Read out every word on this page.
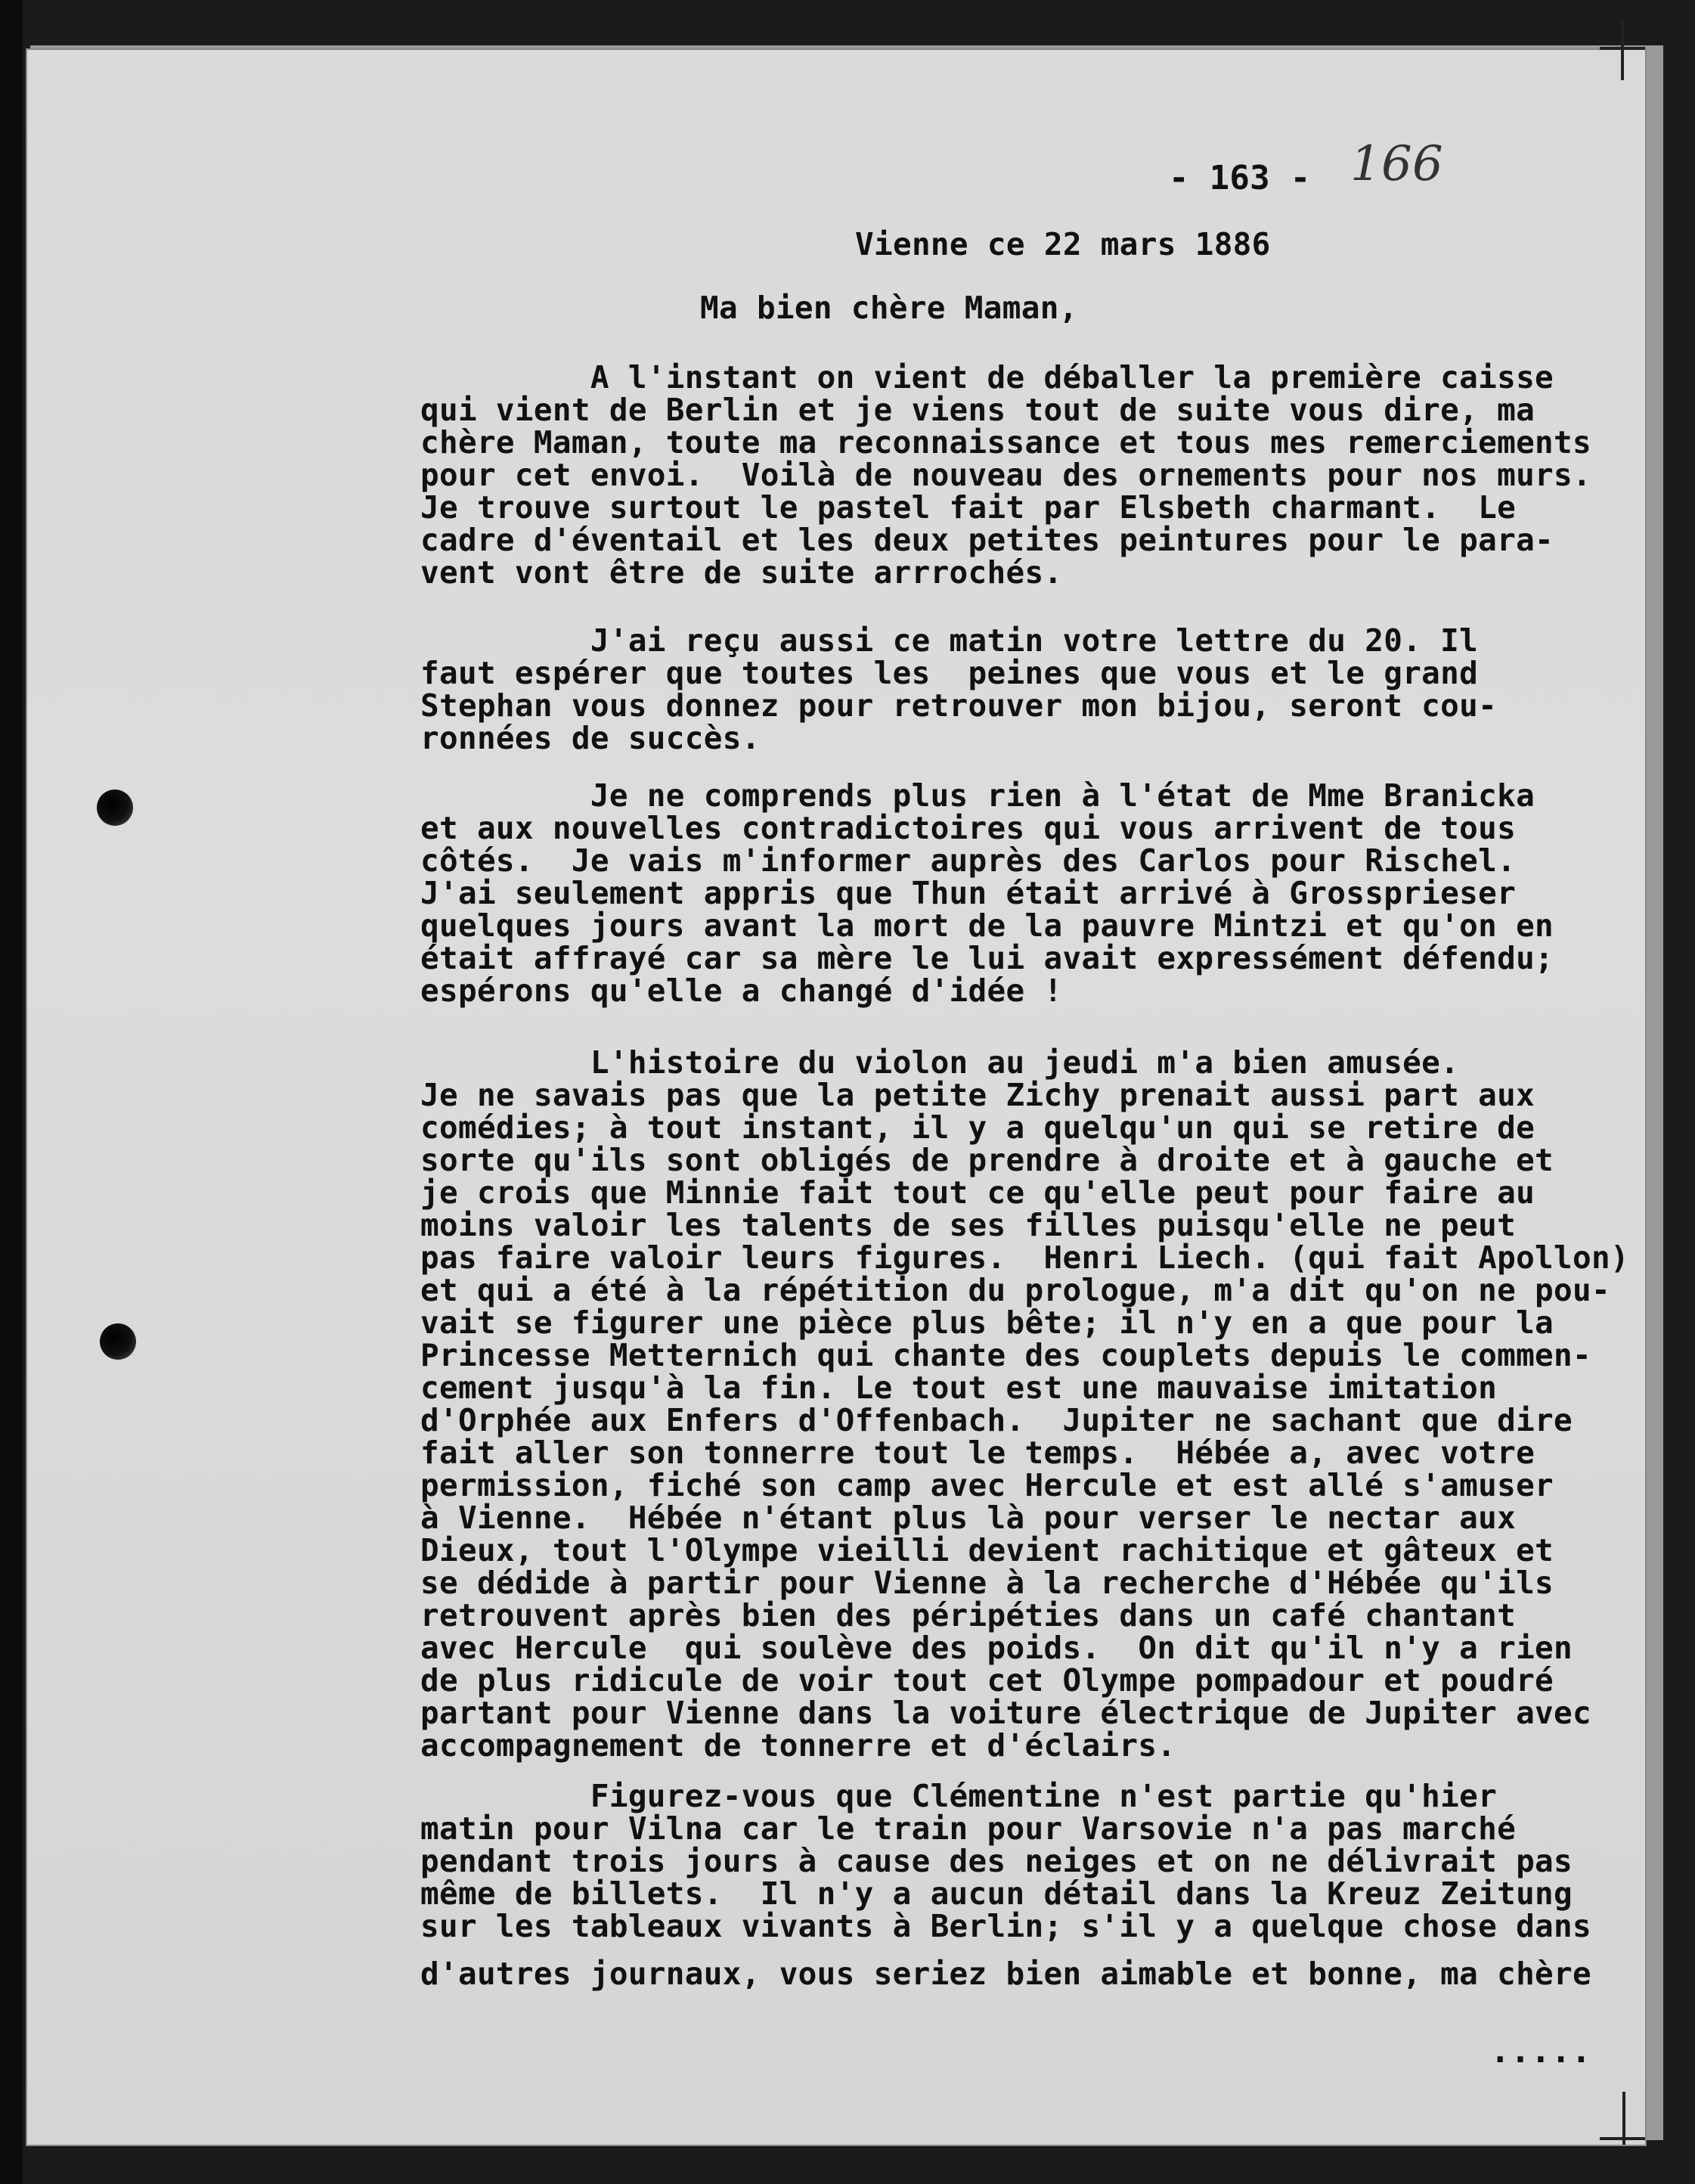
- 163 - 166
Vienne ce 22 mars 1886
Ma bien chère Maman,
A l'instant on vient de déballer la première caisse
qui vient de Berlin et je viens tout de suite vous dire, ma
chère Maman, toute ma reconnaissance et tous mes remerciements
pour cet envoi.  Voilà de nouveau des ornements pour nos murs.
Je trouve surtout le pastel fait par Elsbeth charmant.  Le
cadre d'éventail et les deux petites peintures pour le para-
vent vont être de suite arrrochés.
J'ai reçu aussi ce matin votre lettre du 20. Il
faut espérer que toutes les  peines que vous et le grand
Stephan vous donnez pour retrouver mon bijou, seront cou-
ronnées de succès.
Je ne comprends plus rien à l'état de Mme Branicka
et aux nouvelles contradictoires qui vous arrivent de tous
côtés.  Je vais m'informer auprès des Carlos pour Rischel.
J'ai seulement appris que Thun était arrivé à Grossprieser
quelques jours avant la mort de la pauvre Mintzi et qu'on en
était affrayé car sa mère le lui avait expressément défendu;
espérons qu'elle a changé d'idée !
L'histoire du violon au jeudi m'a bien amusée.
Je ne savais pas que la petite Zichy prenait aussi part aux
comédies; à tout instant, il y a quelqu'un qui se retire de
sorte qu'ils sont obligés de prendre à droite et à gauche et
je crois que Minnie fait tout ce qu'elle peut pour faire au
moins valoir les talents de ses filles puisqu'elle ne peut
pas faire valoir leurs figures.  Henri Liech. (qui fait Apollon)
et qui a été à la répétition du prologue, m'a dit qu'on ne pou-
vait se figurer une pièce plus bête; il n'y en a que pour la
Princesse Metternich qui chante des couplets depuis le commen-
cement jusqu'à la fin. Le tout est une mauvaise imitation
d'Orphée aux Enfers d'Offenbach.  Jupiter ne sachant que dire
fait aller son tonnerre tout le temps.  Hébée a, avec votre
permission, fiché son camp avec Hercule et est allé s'amuser
à Vienne.  Hébée n'étant plus là pour verser le nectar aux
Dieux, tout l'Olympe vieilli devient rachitique et gâteux et
se dédide à partir pour Vienne à la recherche d'Hébée qu'ils
retrouvent après bien des péripéties dans un café chantant
avec Hercule  qui soulève des poids.  On dit qu'il n'y a rien
de plus ridicule de voir tout cet Olympe pompadour et poudré
partant pour Vienne dans la voiture électrique de Jupiter avec
accompagnement de tonnerre et d'éclairs.
Figurez-vous que Clémentine n'est partie qu'hier
matin pour Vilna car le train pour Varsovie n'a pas marché
pendant trois jours à cause des neiges et on ne délivrait pas
même de billets.  Il n'y a aucun détail dans la Kreuz Zeitung
sur les tableaux vivants à Berlin; s'il y a quelque chose dans
d'autres journaux, vous seriez bien aimable et bonne, ma chère
.....
